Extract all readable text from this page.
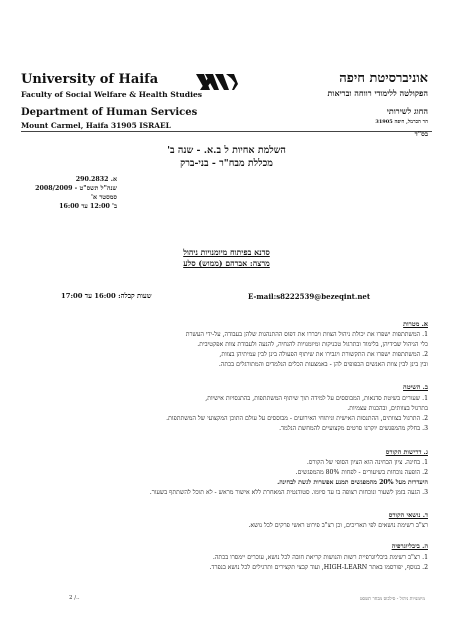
University of Haifa
Faculty of Social Welfare & Health Studies
Department of Human Services
Mount Carmel, Haifa 31905 ISRAEL
אוניברסיטת חיפה
הפקולטה ללימודי רווחה ובריאות
החוג לשירותי
הר הכרמל, חיפה 31905
בס"ד
השלמת אחיות ל ב.א. - שנה ב'
מכללת מבח"ר - בני-ברק
א. 290.2832
שנה"ל תשס"ט - 2008/2009
סמסטר א'
ב' 12:00 עד 16:00
סדנא בפיתוח מיומנויות ניהול
מרצה: אברהם (ממוש) סלע
E-mail:s8222539@bezeqint.net
שעות קבלה: 16:00 עד 17:00
א. מטרות
1. המשתתפות ישפרו את יכולת ניהול הצוות ויבררו את דפוס ההתנהגות שלהן בעבודה, על-ידי העשרת
כלי הניהול שבידיהן, בלימוד ובתרגול טכניקות ומיומנויות להנחיה, להנעה ולעבודת צוות אפקטיבית.
2. המשתתפות ישפרו את התקשורת ויגבירו את שיתוף הפעולה בינן לבין עמיתיהן בצוות,
ובין בינן לבין צוות האנשים הכפופים להן - באמצעות הכלים הנלמדים והמתורגלים בכתה.
ב. השיטה
1. שעורים בשיטת סדנאות, המבוססים על למידה תוך שיתוף המשתתפות, בהתנסויות אישיות,
בתרגול בצוותים, ובהכנות עצמיות.
2. התרגול בצוותים, ההתנסות האישית וניתוחי האירועים - מבוססים על עולם התוכן המקצועי של המשתתפות.
3. בחלק מהמפגשים יוקרנו סרטים מקצועיים להמחשת הנלמד.
ג. דרישות הקורס
1. בחינה. ציון הבחינה הוא הציון הסופי של הקורס.
2. הופעה נוכחות בשיעורים - לפחות 80% מהמפגשים.
היעדרות מעל 20% מהמפגשים תמנע אפשרות לגשת לבחינה.
3. הגעה בזמן לשעור ונוכחות רצופה בו עד סיומו. סטודנטית המאחרת ללא אישור מראש - לא תוכל להשתתף בשעור.
ד. נושאי הקורס
רצ"ב רשימת נושאים לפי תאריכים, וכן רצ"ב פירוט ראשי פרקים לכל נושא.
ה. ביבליוגרפיה
1. רצ"ב רשימת ביבליוגרפיית רשות והנושות קריאת חובה לכל נושא, עוכרים יימסרו בכתה.
2. בנוסף, יפורסמו באתר HIGH-LEARN, ועוד קבצי תקצירים ותרגילים לכל נושא בנפרד.
2 /..	מיומנויות ניהול - סילבוס מבחר תשסט
